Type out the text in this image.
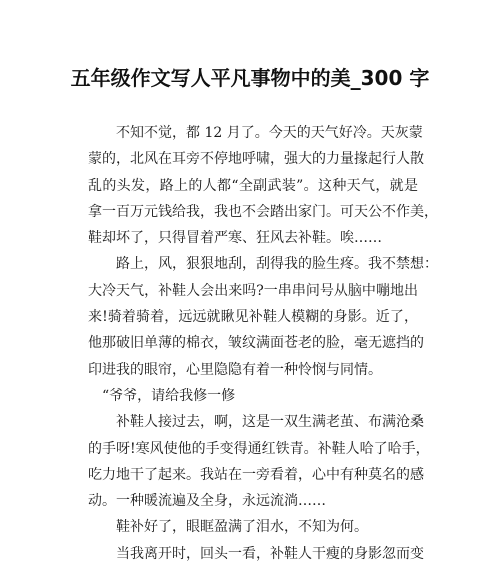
五年级作文写人平凡事物中的美_300 字
　　不知不觉，都 12 月了。今天的天气好冷。天灰蒙
蒙的，北风在耳旁不停地呼啸，强大的力量掾起行人散
乱的头发，路上的人都“全副武装”。这种天气，就是
拿一百万元钱给我，我也不会踏出家门。可天公不作美，
鞋却坏了，只得冒着严寒、狂风去补鞋。唉……
　　路上，风，狠狠地刮，刮得我的脸生疼。我不禁想：
大冷天气，补鞋人会出来吗?一串串问号从脑中嘣地出
来!骑着骑着，远远就瞅见补鞋人模糊的身影。近了，
他那破旧单薄的棉衣，皱纹满面苍老的脸，毫无遮挡的
印进我的眼帘，心里隐隐有着一种怜悯与同情。
　“爷爷，请给我修一修
　　补鞋人接过去，啊，这是一双生满老茧、布满沧桑
的手呀!寒风使他的手变得通红铁青。补鞋人哈了哈手，
吃力地干了起来。我站在一旁看着，心中有种莫名的感
动。一种暖流遍及全身，永远流淌……
　　鞋补好了，眼眶盈满了泪水，不知为何。
　　当我离开时，回头一看，补鞋人干瘦的身影忽而变
